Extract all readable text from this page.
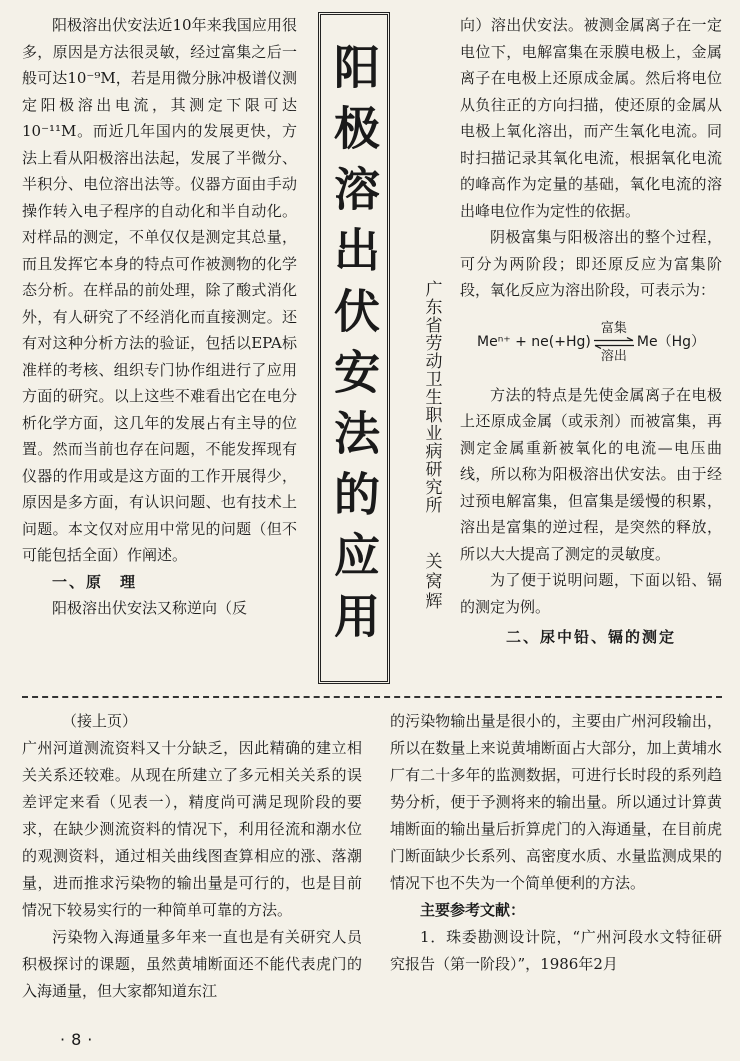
阳极溶出伏安法近10年来我国应用很多，原因是方法很灵敏，经过富集之后一般可达10⁻⁹M，若是用微分脉冲极谱仪测定阳极溶出电流，其测定下限可达10⁻¹¹M。而近几年国内的发展更快，方法上看从阳极溶出法起，发展了半微分、半积分、电位溶出法等。仪器方面由手动操作转入电子程序的自动化和半自动化。对样品的测定，不单仅仅是测定其总量，而且发挥它本身的特点可作被测物的化学态分析。在样品的前处理，除了酸式消化外，有人研究了不经消化而直接测定。还有对这种分析方法的验证，包括以EPA标准样的考核、组织专门协作组进行了应用方面的研究。以上这些不难看出它在电分析化学方面，这几年的发展占有主导的位置。然而当前也存在问题，不能发挥现有仪器的作用或是这方面的工作开展得少，原因是多方面，有认识问题、也有技术上问题。本文仅对应用中常见的问题（但不可能包括全面）作阐述。

一、原　理

阳极溶出伏安法又称逆向（反	阳极溶出伏安法的应用	广东省劳动卫生职业病研究所
关窝辉

向）溶出伏安法。被测金属离子在一定电位下，电解富集在汞膜电极上，金属离子在电极上还原成金属。然后将电位从负往正的方向扫描，使还原的金属从电极上氧化溶出，而产生氧化电流。同时扫描记录其氧化电流，根据氧化电流的峰高作为定量的基础，氧化电流的溶出峰电位作为定性的依据。

阴极富集与阳极溶出的整个过程，可分为两阶段；即还原反应为富集阶段，氧化反应为溶出阶段，可表示为：

Meⁿ⁺ + ne(+Hg)
富集
溶出
Me（Hg）

方法的特点是先使金属离子在电极上还原成金属（或汞剂）而被富集，再测定金属重新被氧化的电流—电压曲线，所以称为阳极溶出伏安法。由于经过预电解富集，但富集是缓慢的积累，溶出是富集的逆过程，是突然的释放，所以大大提高了测定的灵敏度。

为了便于说明问题，下面以铅、镉的测定为例。

二、尿中铅、镉的测定

（接上页）

广州河道测流资料又十分缺乏，因此精确的建立相关关系还较难。从现在所建立了多元相关关系的误差评定来看（见表一），精度尚可满足现阶段的要求，在缺少测流资料的情况下，利用径流和潮水位的观测资料，通过相关曲线图查算相应的涨、落潮量，进而推求污染物的输出量是可行的，也是目前情况下较易实行的一种简单可靠的方法。

污染物入海通量多年来一直也是有关研究人员积极探讨的课题，虽然黄埔断面还不能代表虎门的入海通量，但大家都知道东江

的污染物输出量是很小的，主要由广州河段输出，所以在数量上来说黄埔断面占大部分，加上黄埔水厂有二十多年的监测数据，可进行长时段的系列趋势分析，便于予测将来的输出量。所以通过计算黄埔断面的输出量后折算虎门的入海通量，在目前虎门断面缺少长系列、高密度水质、水量监测成果的情况下也不失为一个简单便利的方法。

主要参考文献：

1．珠委勘测设计院，“广州河段水文特征研究报告（第一阶段）”，1986年2月

·8·
